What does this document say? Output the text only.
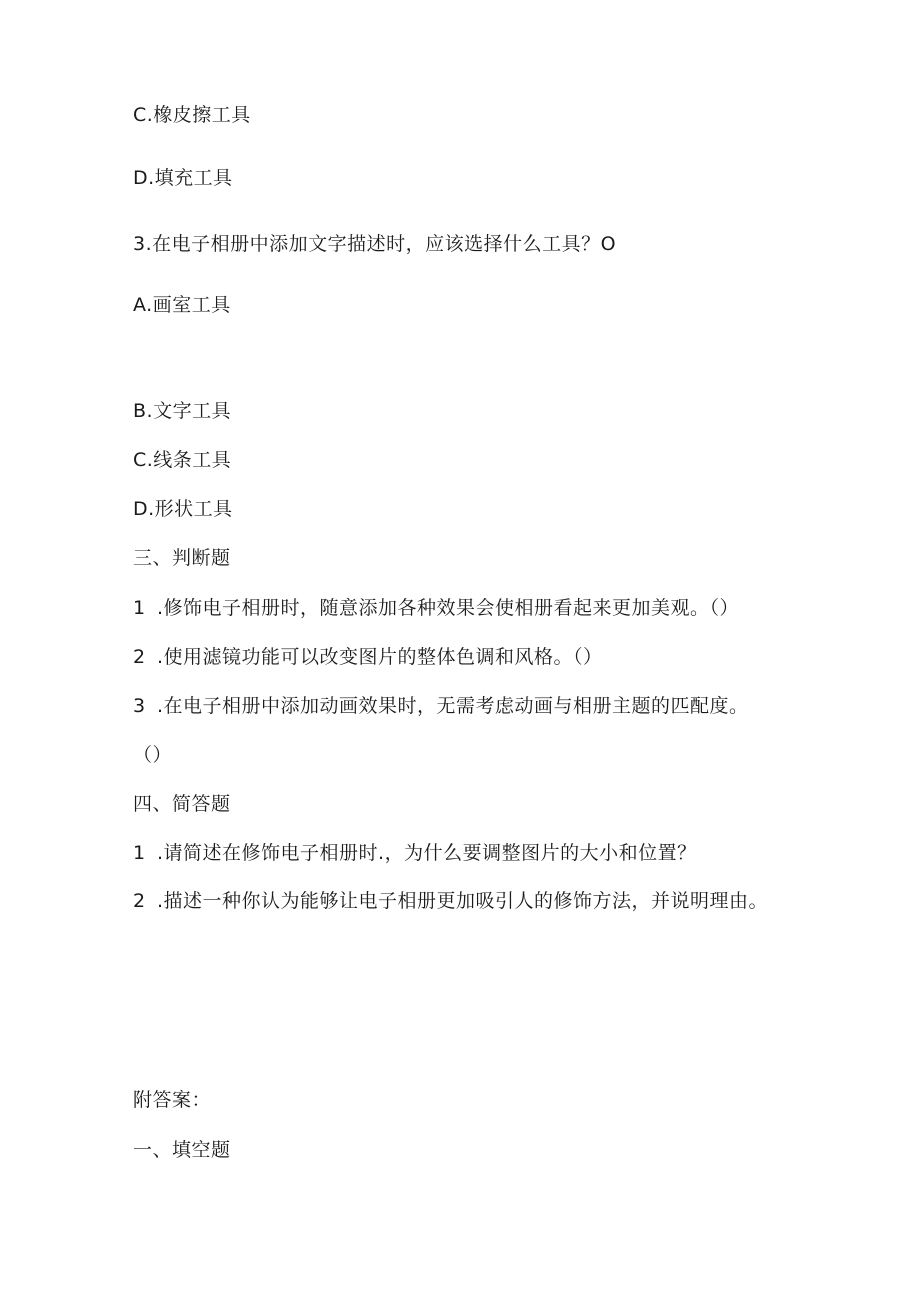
C.橡皮擦工具
D.填充工具
3.在电子相册中添加文字描述时，应该选择什么工具？O
A.画室工具
B.文字工具
C.线条工具
D.形状工具
三、判断题
1 .修饰电子相册时，随意添加各种效果会使相册看起来更加美观。（）
2 .使用滤镜功能可以改变图片的整体色调和风格。（）
3 .在电子相册中添加动画效果时，无需考虑动画与相册主题的匹配度。
（）
四、简答题
1 .请简述在修饰电子相册时.，为什么要调整图片的大小和位置？
2 .描述一种你认为能够让电子相册更加吸引人的修饰方法，并说明理由。
附答案：
一、填空题
